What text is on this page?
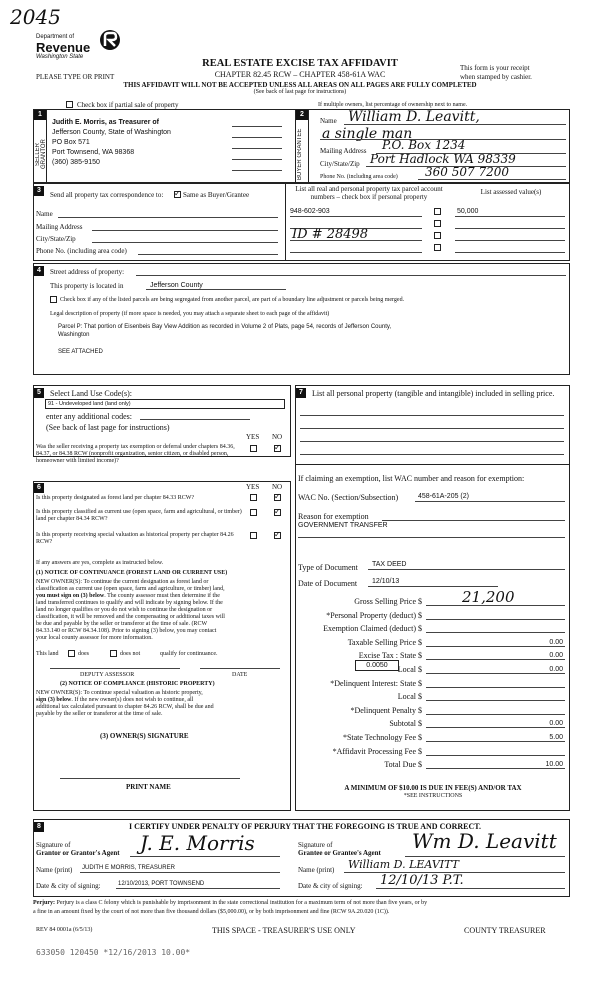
2045
Department of
Revenue
Washington State
REAL ESTATE EXCISE TAX AFFIDAVIT
CHAPTER 82.45 RCW – CHAPTER 458-61A WAC
PLEASE TYPE OR PRINT
This form is your receipt
when stamped by cashier.
THIS AFFIDAVIT WILL NOT BE ACCEPTED UNLESS ALL AREAS ON ALL PAGES ARE FULLY COMPLETED
(See back of last page for instructions)
Check box if partial sale of property	If multiple owners, list percentage of ownership next to name.
1
SELLER GRANTOR
Judith E. Morris, as Treasurer of
Jefferson County, State of Washington
PO Box 571
Port Townsend, WA 98368
(360) 385-9150
2
BUYER GRANTEE
Name William D. Leavitt,
a single man
Mailing Address P.O. Box 1234
City/State/Zip Port Hadlock WA 98339
Phone No. (including area code) 360 507 7200
3
Send all property tax correspondence to:
✓	Same as Buyer/Grantee
Name
Mailing Address
City/State/Zip
Phone No. (including area code)
List all real and personal property tax parcel account numbers – check box if personal property
List assessed value(s)
948-602-903	50,000
ID # 28498
4	Street address of property:
This property is located in	Jefferson County
Check box if any of the listed parcels are being segregated from another parcel, are part of a boundary line adjustment or parcels being merged.
Legal description of property (if more space is needed, you may attach a separate sheet to each page of the affidavit)
Parcel P: That portion of Eisenbeis Bay View Addition as recorded in Volume 2 of Plats, page 54, records of Jefferson County,
Washington
SEE ATTACHED
5	Select Land Use Code(s):
91 - Undeveloped land (land only)
enter any additional codes:
(See back of last page for instructions)
YES NO
Was the seller receiving a property tax exemption or deferral under chapters 84.36, 84.37, or 84.38 RCW (nonprofit organization, senior citizen, or disabled person, homeowner with limited income)?
✓
6	YES NO
Is this property designated as forest land per chapter 84.33 RCW?
✓
Is this property classified as current use (open space, farm and agricultural, or timber) land per chapter 84.34 RCW?
✓
Is this property receiving special valuation as historical property per chapter 84.26 RCW?
✓
If any answers are yes, complete as instructed below.
(1) NOTICE OF CONTINUANCE (FOREST LAND OR CURRENT USE)
NEW OWNER(S): To continue the current designation as forest land or
classification as current use (open space, farm and agriculture, or timber) land,
you must sign on (3) below. The county assessor must then determine if the
land transferred continues to qualify and will indicate by signing below. If the
land no longer qualifies or you do not wish to continue the designation or
classification, it will be removed and the compensating or additional taxes will
be due and payable by the seller or transferor at the time of sale. (RCW
84.33.140 or RCW 84.34.108). Prior to signing (3) below, you may contact
your local county assessor for more information.
This land	does	does not	qualify for continuance.
DEPUTY ASSESSOR	DATE
(2) NOTICE OF COMPLIANCE (HISTORIC PROPERTY)
NEW OWNER(S): To continue special valuation as historic property,
sign (3) below. If the new owner(s) does not wish to continue, all
additional tax calculated pursuant to chapter 84.26 RCW, shall be due and
payable by the seller or transferor at the time of sale.
(3) OWNER(S) SIGNATURE
PRINT NAME
7	List all personal property (tangible and intangible) included in selling price.
If claiming an exemption, list WAC number and reason for exemption:
WAC No. (Section/Subsection)	458-61A-205 (2)
Reason for exemption
GOVERNMENT TRANSFER
Type of Document TAX DEED
Date of Document 12/10/13
Gross Selling Price $	21,200
*Personal Property (deduct) $
Exemption Claimed (deduct) $
Taxable Selling Price $	0.00
Excise Tax : State $	0.00
Local $	0.00
*Delinquent Interest: State $
Local $
*Delinquent Penalty $
Subtotal $	0.00
*State Technology Fee $	5.00
*Affidavit Processing Fee $
Total Due $	10.00
0.0050
A MINIMUM OF $10.00 IS DUE IN FEE(S) AND/OR TAX
*SEE INSTRUCTIONS
8	I CERTIFY UNDER PENALTY OF PERJURY THAT THE FOREGOING IS TRUE AND CORRECT.
Signature of
Grantor or Grantor's Agent J. E. Morris
Name (print) JUDITH E MORRIS, TREASURER
Date & city of signing:	12/10/2013, PORT TOWNSEND
Signature of
Grantee or Grantee's Agent Wm D. Leavitt
Name (print) William D. LEAVITT
Date & city of signing: 12/10/13 P.T.
Perjury: Perjury is a class C felony which is punishable by imprisonment in the state correctional institution for a maximum term of not more than five years, or by
a fine in an amount fixed by the court of not more than five thousand dollars ($5,000.00), or by both imprisonment and fine (RCW 9A.20.020 (1C)).
REV 84 0001a (6/5/13)	THIS SPACE - TREASURER'S USE ONLY	COUNTY TREASURER
633050 120450 *12/16/2013 10.00*
